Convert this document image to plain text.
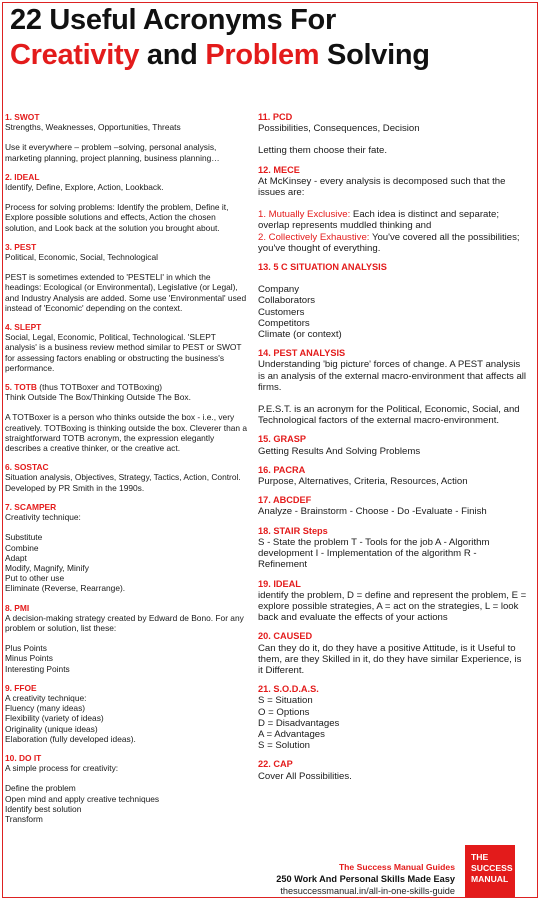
22 Useful Acronyms For
Creativity and Problem Solving
1. SWOT
Strengths, Weaknesses, Opportunities, Threats
Use it everywhere – problem –solving, personal analysis, marketing planning, project planning, business planning…
2. IDEAL
Identify, Define, Explore, Action, Lookback.
Process for solving problems: Identify the problem, Define it, Explore possible solutions and effects, Action the chosen solution, and Look back at the solution you brought about.
3. PEST
Political, Economic, Social, Technological
PEST is sometimes extended to 'PESTELI' in which the headings: Ecological (or Environmental), Legislative (or Legal), and Industry Analysis are added. Some use 'Environmental' used instead of 'Economic' depending on the context.
4. SLEPT
Social, Legal, Economic, Political, Technological. 'SLEPT analysis' is a business review method similar to PEST or SWOT for assessing factors enabling or obstructing the business's performance.
5. TOTB (thus TOTBoxer and TOTBoxing)
Think Outside The Box/Thinking Outside The Box.
A TOTBoxer is a person who thinks outside the box - i.e., very creatively. TOTBoxing is thinking outside the box. Cleverer than a straightforward TOTB acronym, the expression elegantly describes a creative thinker, or the creative act.
6. SOSTAC
Situation analysis, Objectives, Strategy, Tactics, Action, Control. Developed by PR Smith in the 1990s.
7. SCAMPER
Creativity technique:
Substitute
Combine
Adapt
Modify, Magnify, Minify
Put to other use
Eliminate (Reverse, Rearrange).
8. PMI
A decision-making strategy created by Edward de Bono. For any problem or solution, list these:
Plus Points
Minus Points
Interesting Points
9. FFOE
A creativity technique:
Fluency (many ideas)
Flexibility (variety of ideas)
Originality (unique ideas)
Elaboration (fully developed ideas).
10. DO IT
A simple process for creativity:
Define the problem
Open mind and apply creative techniques
Identify best solution
Transform
11. PCD
Possibilities, Consequences, Decision
Letting them choose their fate.
12. MECE
At McKinsey - every analysis is decomposed such that the issues are:
1. Mutually Exclusive: Each idea is distinct and separate; overlap represents muddled thinking and
2. Collectively Exhaustive: You've covered all the possibilities; you've thought of everything.
13. 5 C SITUATION ANALYSIS
Company
Collaborators
Customers
Competitors
Climate (or context)
14. PEST ANALYSIS
Understanding 'big picture' forces of change. A PEST analysis is an analysis of the external macro-environment that affects all firms.
P.E.S.T. is an acronym for the Political, Economic, Social, and Technological factors of the external macro-environment.
15. GRASP
Getting Results And Solving Problems
16. PACRA
Purpose, Alternatives, Criteria, Resources, Action
17. ABCDEF
Analyze - Brainstorm - Choose - Do -Evaluate - Finish
18. STAIR Steps
S - State the problem T - Tools for the job A - Algorithm development I - Implementation of the algorithm R - Refinement
19. IDEAL
identify the problem, D = define and represent the problem, E = explore possible strategies, A = act on the strategies, L = look back and evaluate the effects of your actions
20. CAUSED
Can they do it, do they have a positive Attitude, is it Useful to them, are they Skilled in it, do they have similar Experience, is it Different.
21. S.O.D.A.S.
S = Situation
O = Options
D = Disadvantages
A = Advantages
S = Solution
22. CAP
Cover All Possibilities.
The Success Manual Guides
250 Work And Personal Skills Made Easy
thesuccessmanual.in/all-in-one-skills-guide
THE
SUCCESS
MANUAL
